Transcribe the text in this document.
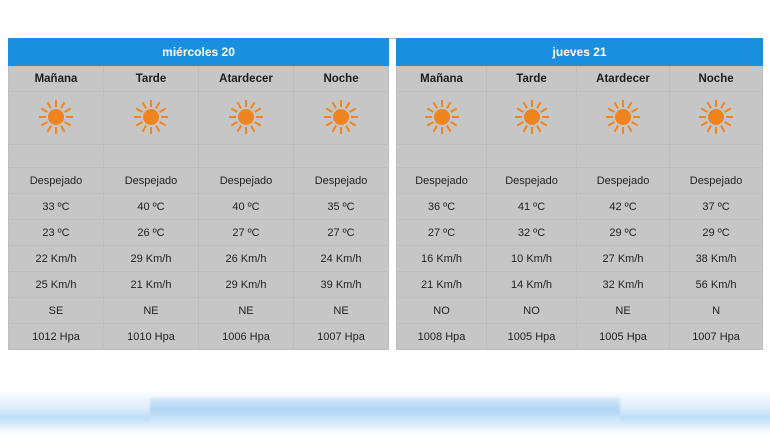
miércoles 20					jueves 21			
Mañana	Tarde	Atardecer	Noche		Mañana	Tarde	Atardecer	Noche

Despejado	Despejado	Despejado	Despejado		Despejado	Despejado	Despejado	Despejado
33 ºC	40 ºC	40 ºC	35 ºC		36 ºC	41 ºC	42 ºC	37 ºC
23 ºC	26 ºC	27 ºC	27 ºC		27 ºC	32 ºC	29 ºC	29 ºC
22 Km/h	29 Km/h	26 Km/h	24 Km/h		16 Km/h	10 Km/h	27 Km/h	38 Km/h
25 Km/h	21 Km/h	29 Km/h	39 Km/h		21 Km/h	14 Km/h	32 Km/h	56 Km/h
SE	NE	NE	NE		NO	NO	NE	N
1012 Hpa	1010 Hpa	1006 Hpa	1007 Hpa		1008 Hpa	1005 Hpa	1005 Hpa	1007 Hpa
